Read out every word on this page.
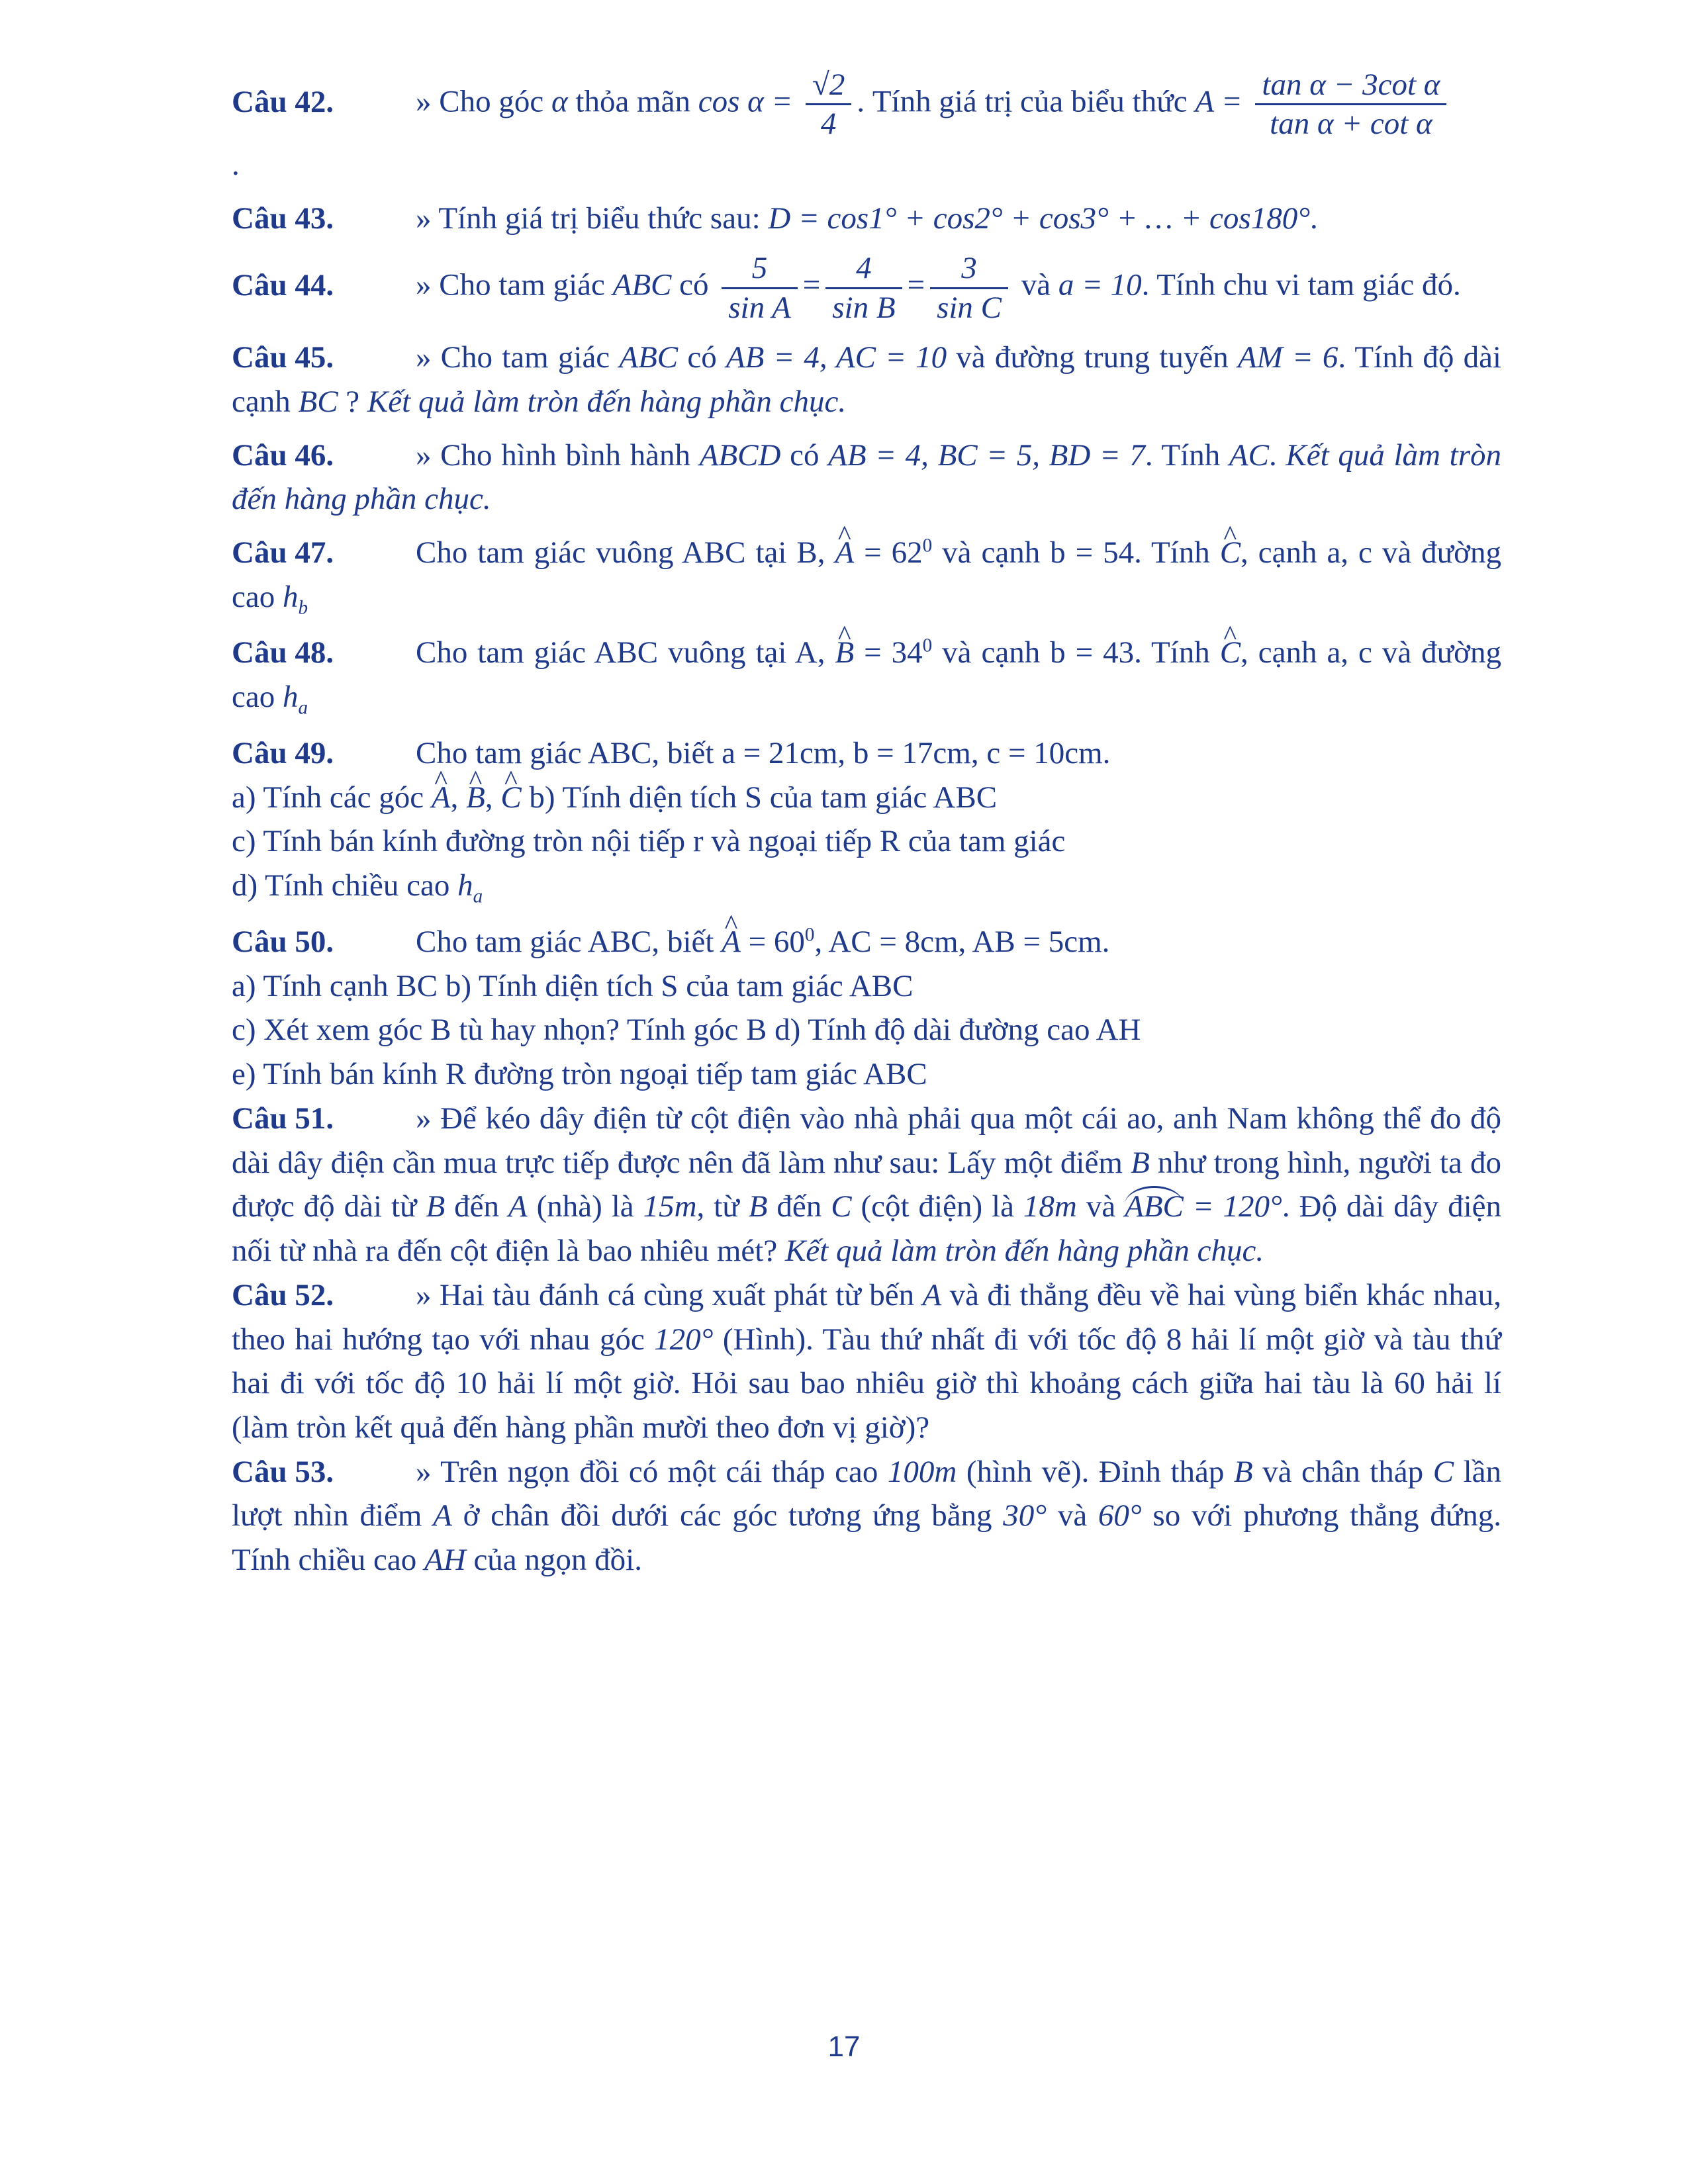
Câu 42.	» Cho góc α thỏa mãn $\cos \alpha = \frac{√2}{4}$ . Tính giá trị của biểu thức $A = \frac{\text{tan α − 3cot α}}{\text{tan α + cot α}}$

.

Câu 43.	» Tính giá trị biểu thức sau: D = cos1° + cos2° + cos3° + … + cos180°.

Câu 44.	» Cho tam giác ABC có $\frac{5}{\text{sin A}} = \frac{4}{\text{sin B}} = \frac{3}{\text{sin C}}$ và a = 10. Tính chu vi tam giác đó.

Câu 45.	» Cho tam giác ABC có AB = 4, AC = 10 và đường trung tuyến AM = 6. Tính độ dài cạnh BC ? Kết quả làm tròn đến hàng phần chục.

Câu 46.	» Cho hình bình hành ABCD có AB = 4, BC = 5, BD = 7. Tính AC. Kết quả làm tròn đến hàng phần chục.

Câu 47.	Cho tam giác vuông ABC tại B, ^ $A = 62^0$ và cạnh b = 54. Tính ^ C, cạnh a, c và đường cao $h_b$

Câu 48.	Cho tam giác ABC vuông tại A, ^ $B = 34^0$ và cạnh b = 43. Tính ^ C, cạnh a, c và đường cao $h_a$

Câu 49.	Cho tam giác ABC, biết a = 21cm, b = 17cm, c = 10cm.

a) Tính các góc ^ A, ^ B, ^ C b) Tính diện tích S của tam giác ABC

c) Tính bán kính đường tròn nội tiếp r và ngoại tiếp R của tam giác

d) Tính chiều cao $h_a$

Câu 50.	Cho tam giác ABC, biết ^ $A = 60^0$, AC = 8cm, AB = 5cm.

a) Tính cạnh BC b) Tính diện tích S của tam giác ABC

c) Xét xem góc B tù hay nhọn? Tính góc B d) Tính độ dài đường cao AH

e) Tính bán kính R đường tròn ngoại tiếp tam giác ABC

Câu 51.	» Để kéo dây điện từ cột điện vào nhà phải qua một cái ao, anh Nam không thể đo độ dài dây điện cần mua trực tiếp được nên đã làm như sau: Lấy một điểm B như trong hình, người ta đo được độ dài từ B đến A (nhà) là 15m, từ B đến C (cột điện) là 18m và ABC = 120°. Độ dài dây điện nối từ nhà ra đến cột điện là bao nhiêu mét? Kết quả làm tròn đến hàng phần chục.

Câu 52.	» Hai tàu đánh cá cùng xuất phát từ bến A và đi thẳng đều về hai vùng biển khác nhau, theo hai hướng tạo với nhau góc 120° (Hình). Tàu thứ nhất đi với tốc độ 8 hải lí một giờ và tàu thứ hai đi với tốc độ 10 hải lí một giờ. Hỏi sau bao nhiêu giờ thì khoảng cách giữa hai tàu là 60 hải lí (làm tròn kết quả đến hàng phần mười theo đơn vị giờ)?

Câu 53.	» Trên ngọn đồi có một cái tháp cao 100m (hình vẽ). Đỉnh tháp B và chân tháp C lần lượt nhìn điểm A ở chân đồi dưới các góc tương ứng bằng 30° và 60° so với phương thẳng đứng. Tính chiều cao AH của ngọn đồi.

17
